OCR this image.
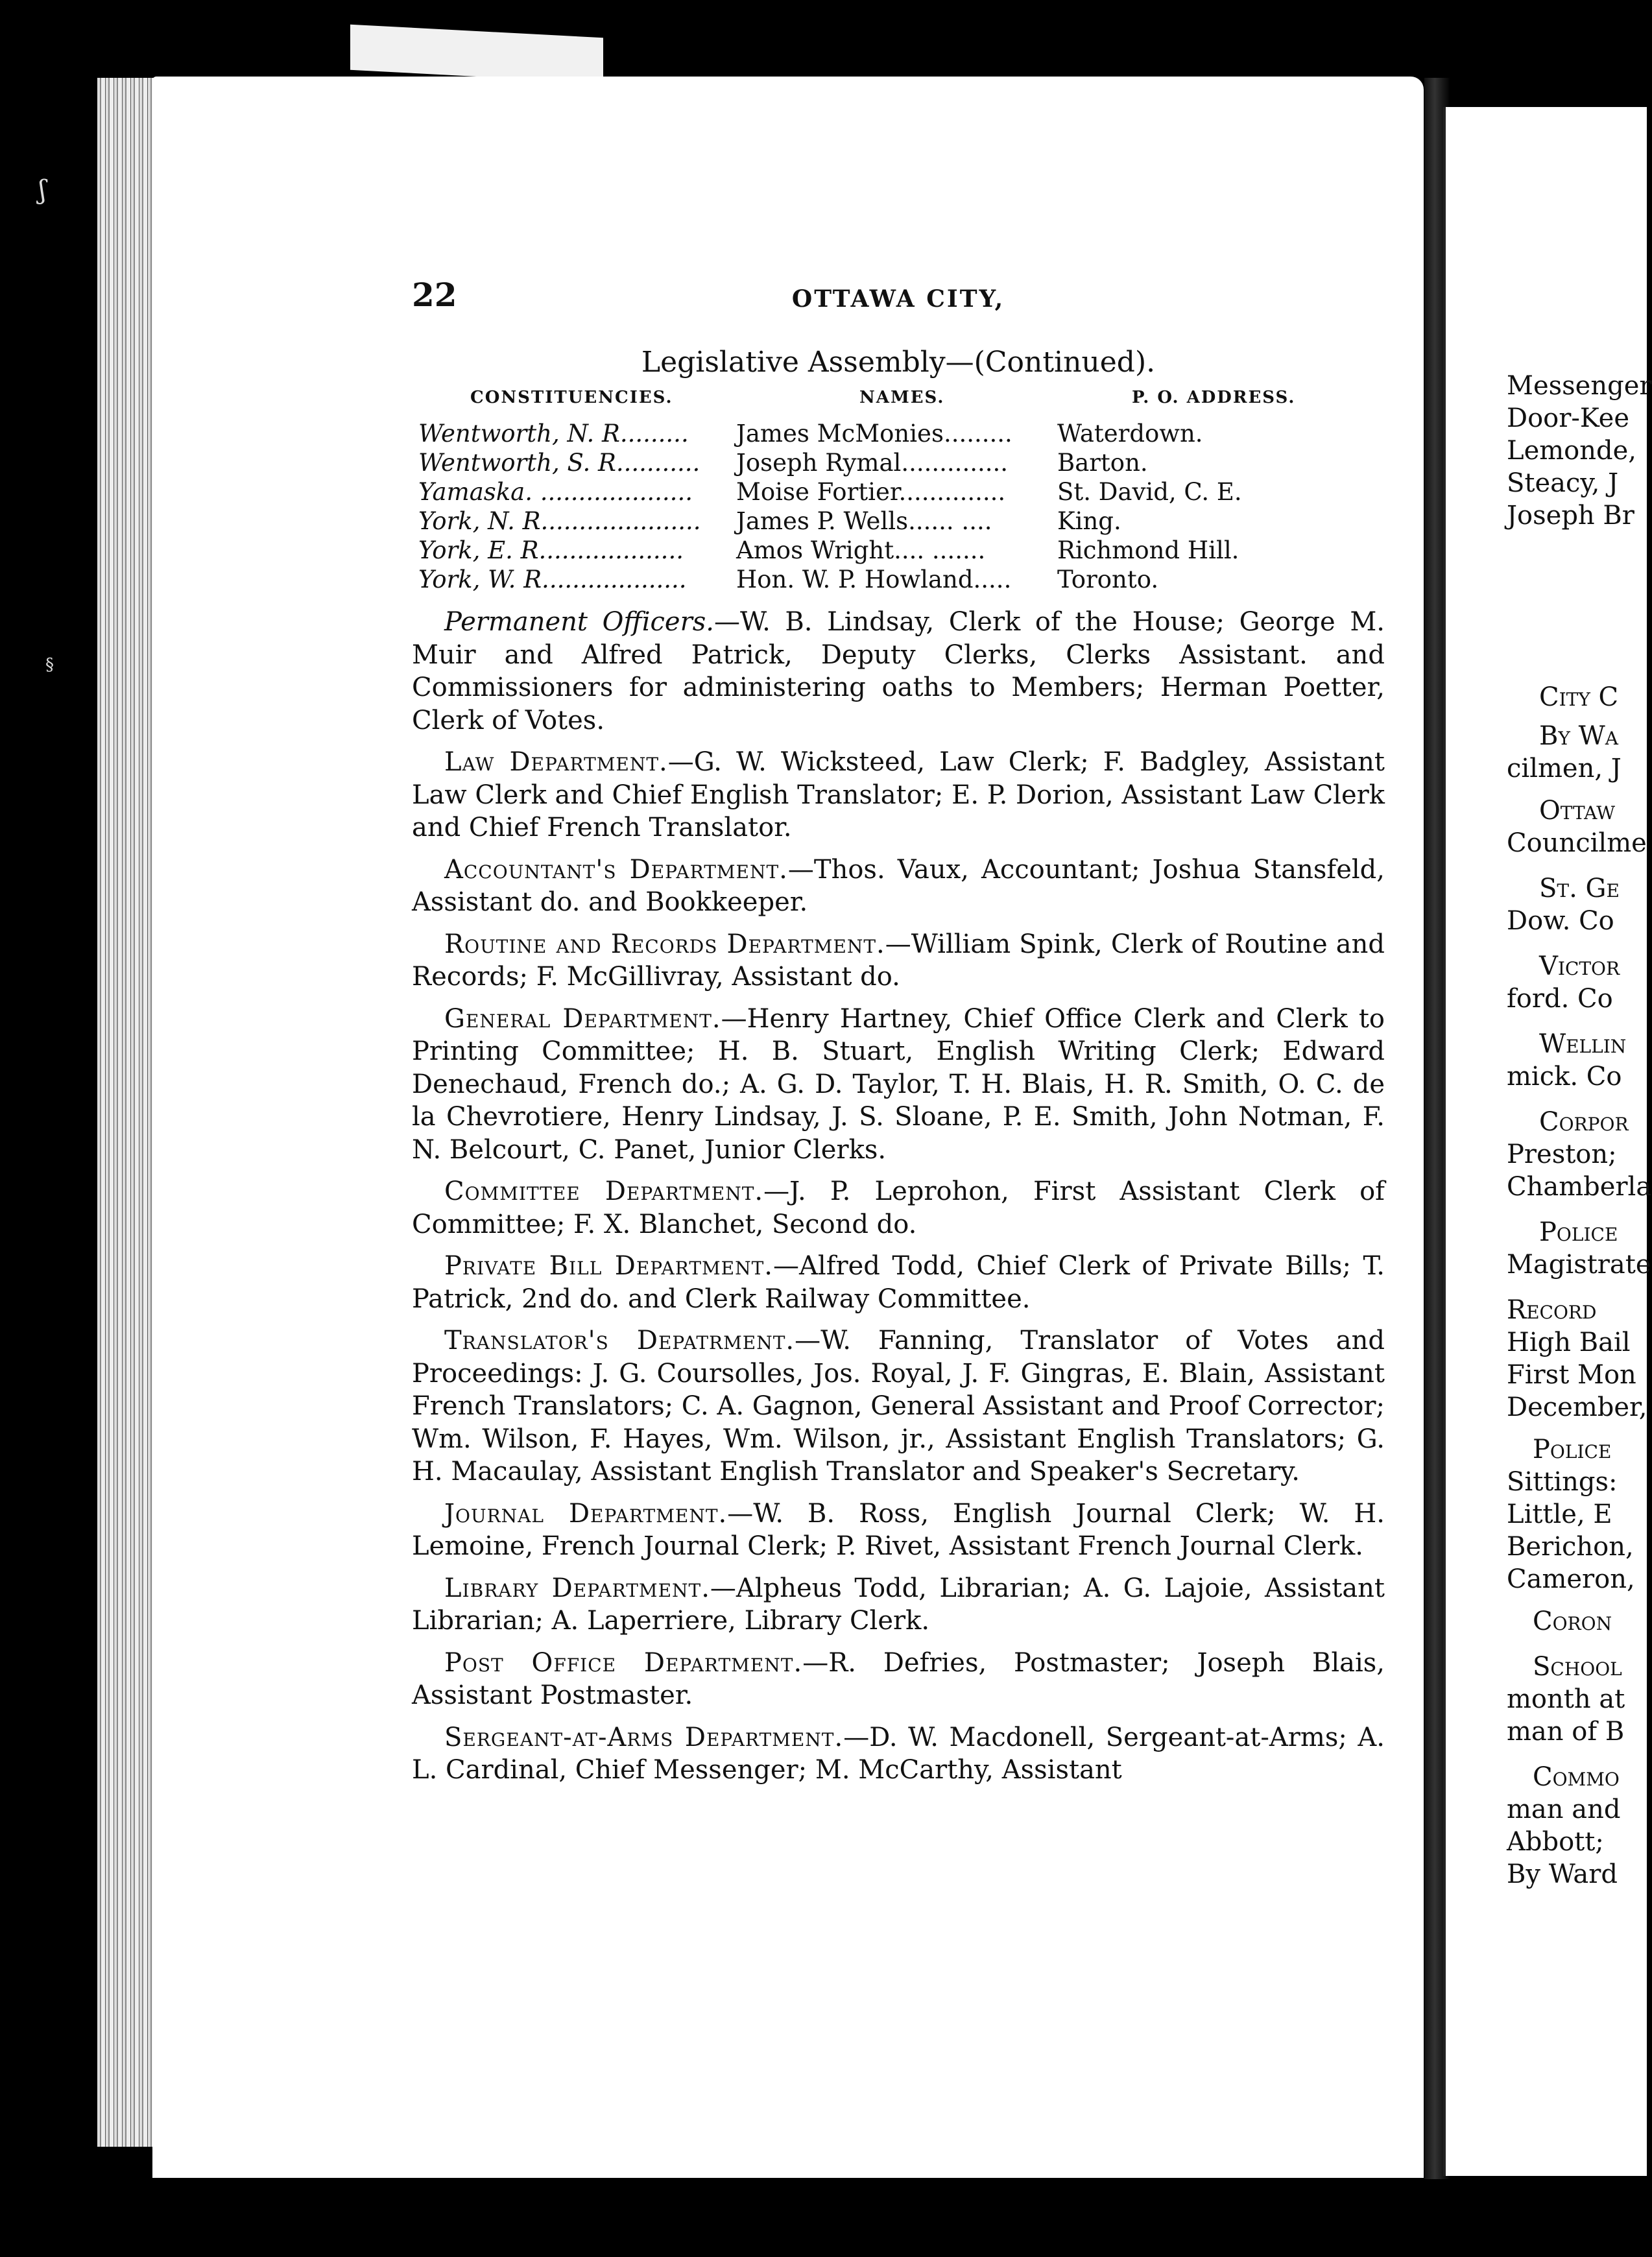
ʃ
§
22	OTTAWA CITY,
Legislative Assembly—(Continued).
CONSTITUENCIES.	NAMES.	P. O. ADDRESS.
Wentworth, N. R......... James McMonies......... Waterdown.
Wentworth, S. R........... Joseph Rymal.............. Barton.
Yamaska. .................... Moise Fortier.............. St. David, C. E.
York, N. R..................... James P. Wells...... ....	King.
York, E. R................... Amos Wright.... .......	Richmond Hill.
York, W. R................... Hon. W. P. Howland..... Toronto.

Permanent Officers.—W. B. Lindsay, Clerk of the House; George M. Muir and Alfred Patrick, Deputy Clerks, Clerks Assistant. and Commissioners for administering oaths to Members; Herman Poetter, Clerk of Votes.

Law Department.—G. W. Wicksteed, Law Clerk; F. Badgley, Assistant Law Clerk and Chief English Translator; E. P. Dorion, Assistant Law Clerk and Chief French Translator.

Accountant's Department.—Thos. Vaux, Accountant; Joshua Stansfeld, Assistant do. and Bookkeeper.

Routine and Records Department.—William Spink, Clerk of Routine and Records; F. McGillivray, Assistant do.

General Department.—Henry Hartney, Chief Office Clerk and Clerk to Printing Committee; H. B. Stuart, English Writing Clerk; Edward Denechaud, French do.; A. G. D. Taylor, T. H. Blais, H. R. Smith, O. C. de la Chevrotiere, Henry Lindsay, J. S. Sloane, P. E. Smith, John Notman, F. N. Belcourt, C. Panet, Junior Clerks.

Committee Department.—J. P. Leprohon, First Assistant Clerk of Committee; F. X. Blanchet, Second do.

Private Bill Department.—Alfred Todd, Chief Clerk of Private Bills; T. Patrick, 2nd do. and Clerk Railway Committee.

Translator's Depatrment.—W. Fanning, Translator of Votes and Proceedings: J. G. Coursolles, Jos. Royal, J. F. Gingras, E. Blain, Assistant French Translators; C. A. Gagnon, General Assistant and Proof Corrector; Wm. Wilson, F. Hayes, Wm. Wilson, jr., Assistant English Translators; G. H. Macaulay, Assistant English Translator and Speaker's Secretary.

Journal Department.—W. B. Ross, English Journal Clerk; W. H. Lemoine, French Journal Clerk; P. Rivet, Assistant French Journal Clerk.

Library Department.—Alpheus Todd, Librarian; A. G. Lajoie, Assistant Librarian; A. Laperriere, Library Clerk.

Post Office Department.—R. Defries, Postmaster; Joseph Blais, Assistant Postmaster.

Sergeant-at-Arms Department.—D. W. Macdonell, Sergeant-at-Arms; A. L. Cardinal, Chief Messenger; M. McCarthy, Assistant

Messenger
Door-Kee
Lemonde,
Steacy, J
Joseph Br
City C
By Wa
cilmen, J
Ottaw
Councilme
St. Ge
Dow. Co
Victor
ford. Co
Wellin
mick. Co
Corpor
Preston;
Chamberla
Police
Magistrate
Record
High Bail
First Mon
December,
Police
Sittings:
Little, E
Berichon,
Cameron,
Coron
School
month at
man of B
Commo
man and
Abbott;
By Ward
